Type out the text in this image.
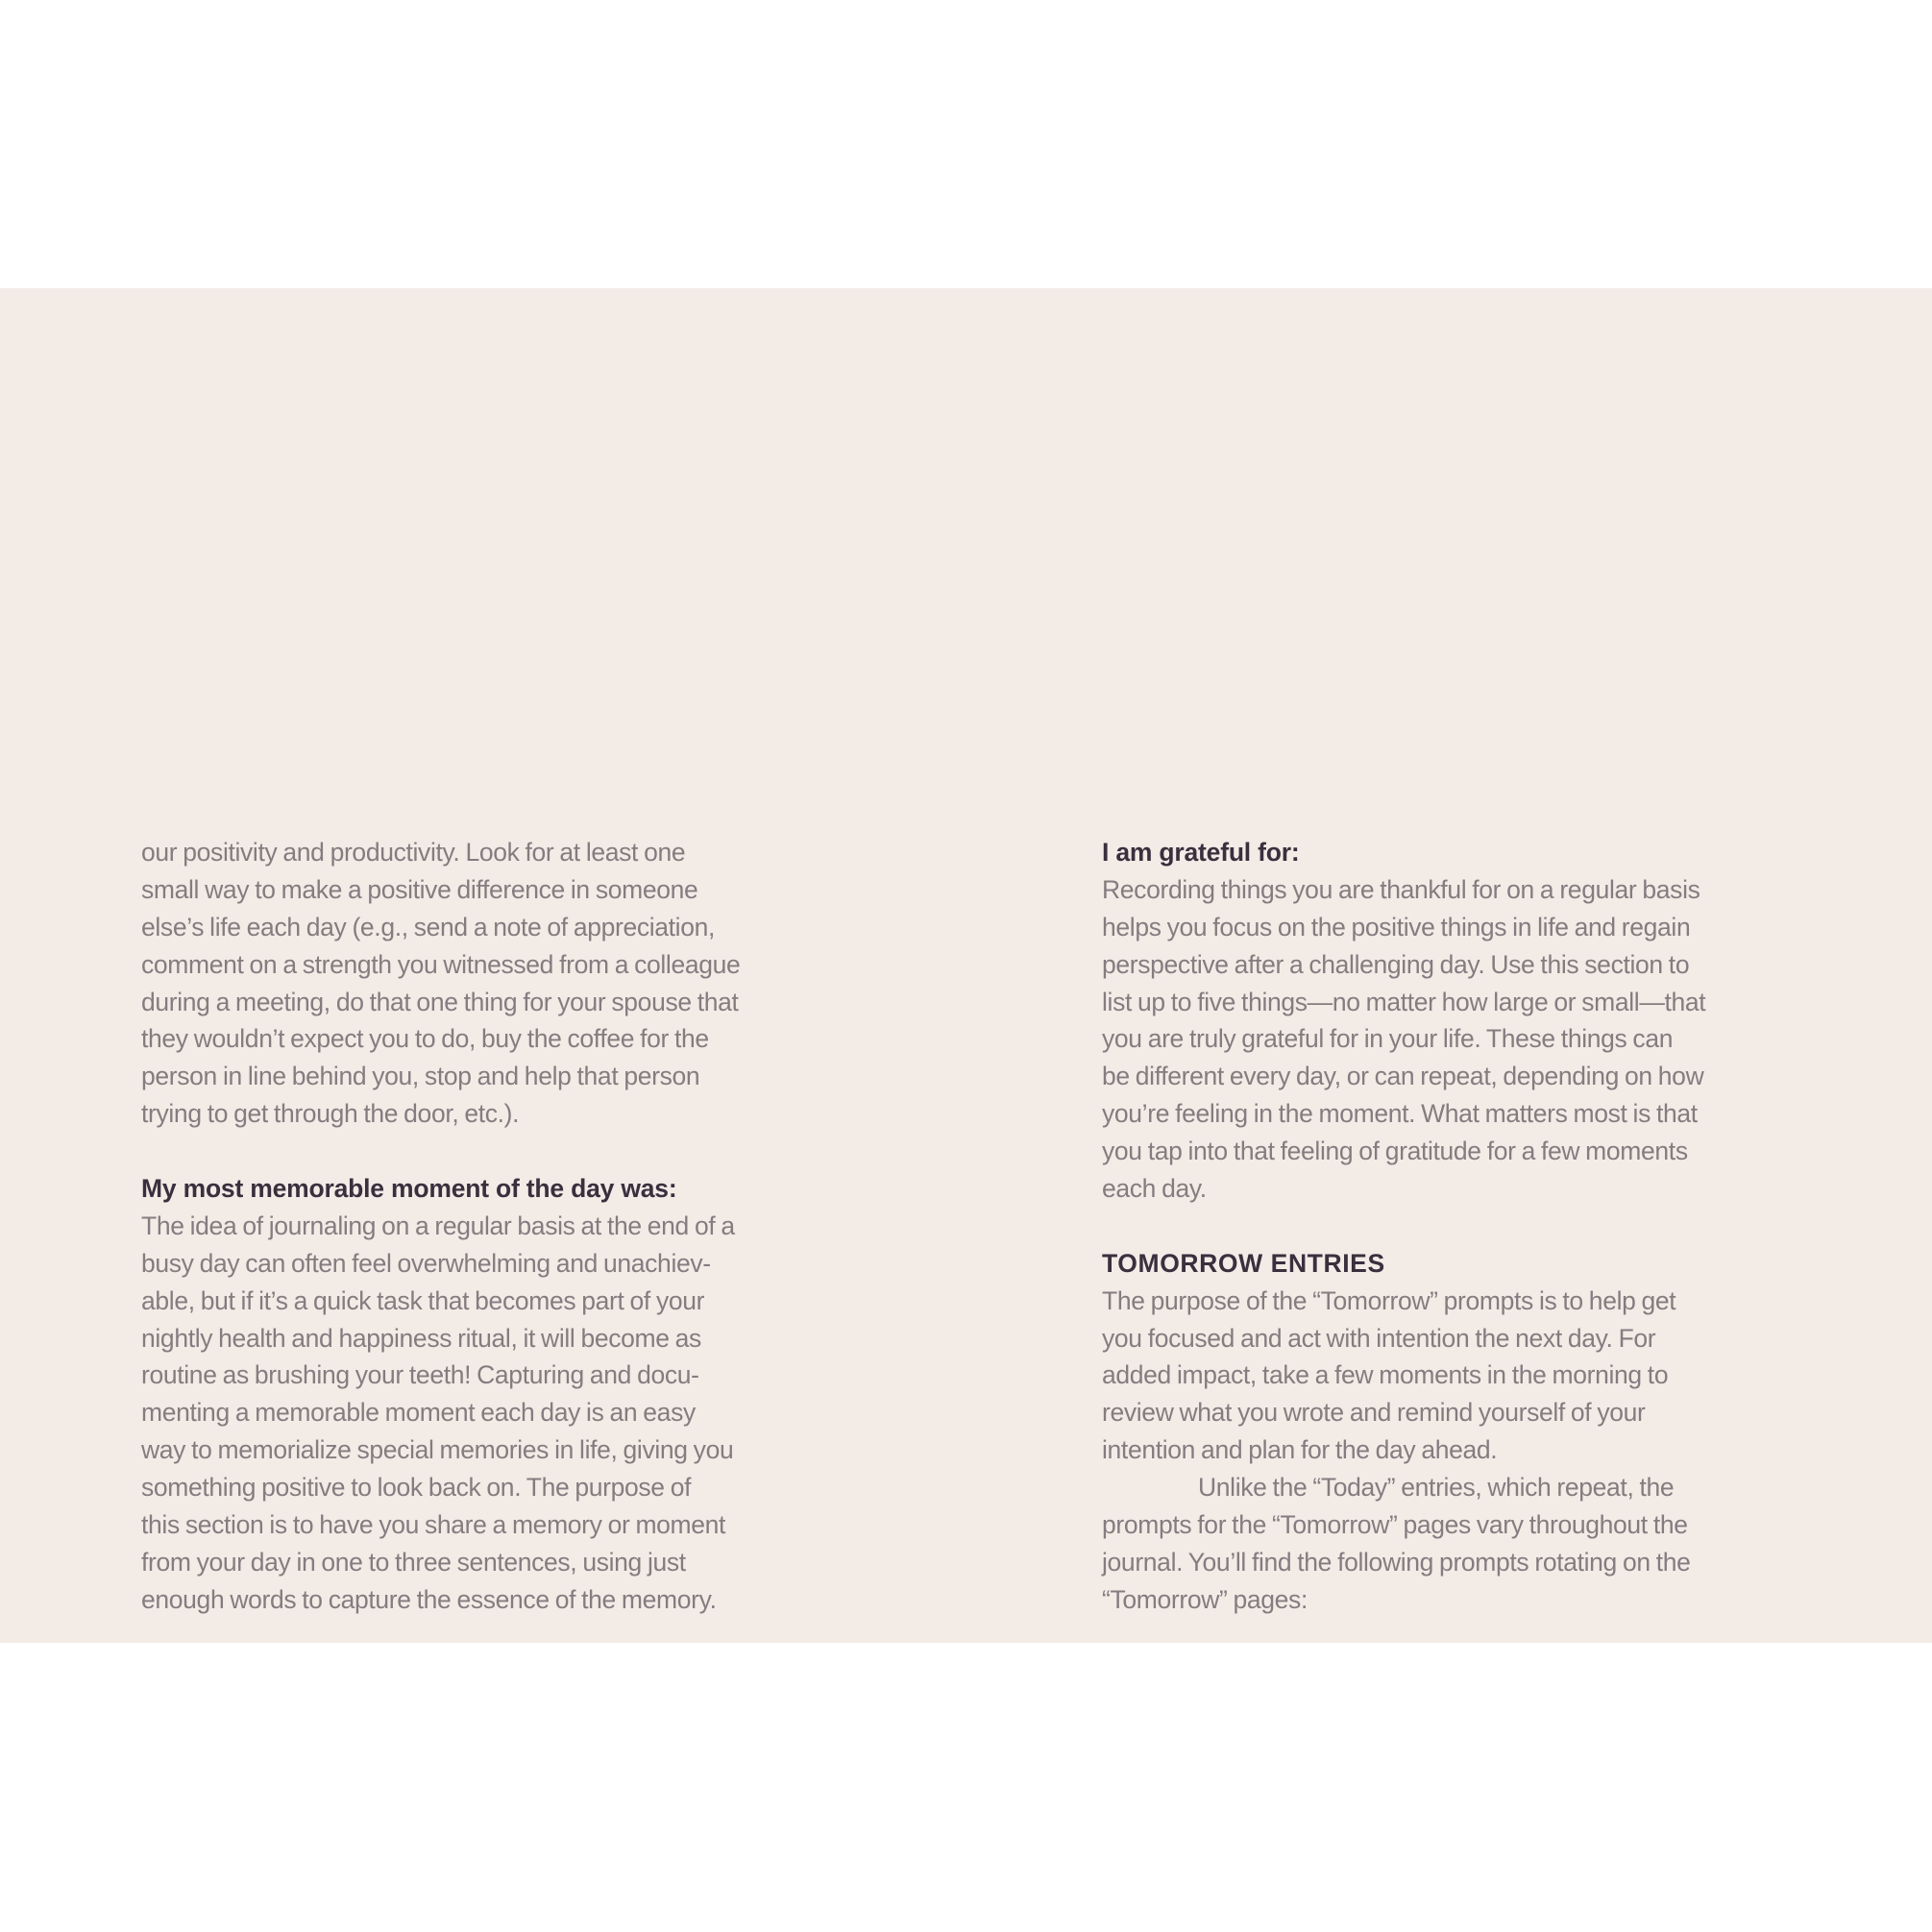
our positivity and productivity. Look for at least one
small way to make a positive difference in someone
else’s life each day (e.g., send a note of appreciation,
comment on a strength you witnessed from a colleague
during a meeting, do that one thing for your spouse that
they wouldn’t expect you to do, buy the coffee for the
person in line behind you, stop and help that person
trying to get through the door, etc.).
My most memorable moment of the day was:
The idea of journaling on a regular basis at the end of a
busy day can often feel overwhelming and unachiev-
able, but if it’s a quick task that becomes part of your
nightly health and happiness ritual, it will become as
routine as brushing your teeth! Capturing and docu-
menting a memorable moment each day is an easy
way to memorialize special memories in life, giving you
something positive to look back on. The purpose of
this section is to have you share a memory or moment
from your day in one to three sentences, using just
enough words to capture the essence of the memory.
I am grateful for:
Recording things you are thankful for on a regular basis
helps you focus on the positive things in life and regain
perspective after a challenging day. Use this section to
list up to five things—no matter how large or small—that
you are truly grateful for in your life. These things can
be different every day, or can repeat, depending on how
you’re feeling in the moment. What matters most is that
you tap into that feeling of gratitude for a few moments
each day.
TOMORROW ENTRIES
The purpose of the “Tomorrow” prompts is to help get
you focused and act with intention the next day. For
added impact, take a few moments in the morning to
review what you wrote and remind yourself of your
intention and plan for the day ahead.
Unlike the “Today” entries, which repeat, the
prompts for the “Tomorrow” pages vary throughout the
journal. You’ll find the following prompts rotating on the
“Tomorrow” pages:
